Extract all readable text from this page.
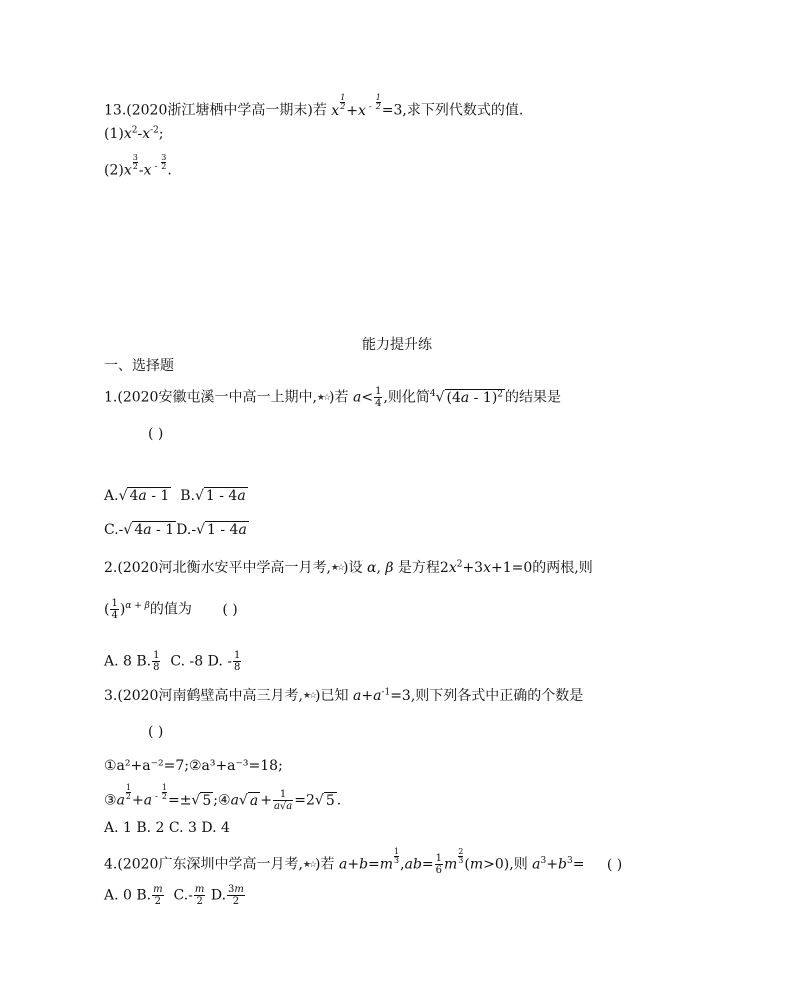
13.(2020浙江塘栖中学高一期末)若 x $\frac{1}{2} +x$ $^- \frac{1}{2} =3$,求下列代数式的值.
$(1)x^2-x^{-2}$;
$(2)x \frac{3}{2} -x$ $^- \frac{3}{2}$ .
能力提升练
一、选择题
1.(2020安徽屯溪一中高一上期中,★☆)若 $a< \frac{1}{4}$ ,则化简$^4$√ (4a - 1)$^2$ 的结果是
( )
A.√ 4a - 1 B.√ 1 - 4a
C.-√ 4a - 1 D.-√ 1 - 4a
2.(2020河北衡水安平中学高一月考,★☆)设 α, β 是方程$2x^2+3x+1=0$的两根,则
( $\frac{1}{4} )^{\alpha + \beta}$的值为 ( )
A. 8 B. $\frac{1}{8} C$. -8 D. - $\frac{1}{8}$
3.(2020河南鹤壁高中高三月考,★☆)已知 $a+a^{-1}=3$,则下列各式中正确的个数是
( )
①a²+a⁻²=7;②a³+a⁻³=18;
③a $\frac{1}{2} +a$ $^- \frac{1}{2}$ =±√ 5 ;④a√ $a + \frac{1}{a√a} =2√$ 5 .
A. 1 B. 2 C. 3 D. 4
4.(2020广东深圳中学高一月考,★☆)若 $a+b=m \frac{1}{3} ,ab= \frac{1}{6}$ m $\frac{2}{3} (m>0)$,则 $a^3+b^3=$ ( )
A. 0 B. $\frac{m}{2} C.- \frac{m}{2} D$. $\frac{3m}{2}$
